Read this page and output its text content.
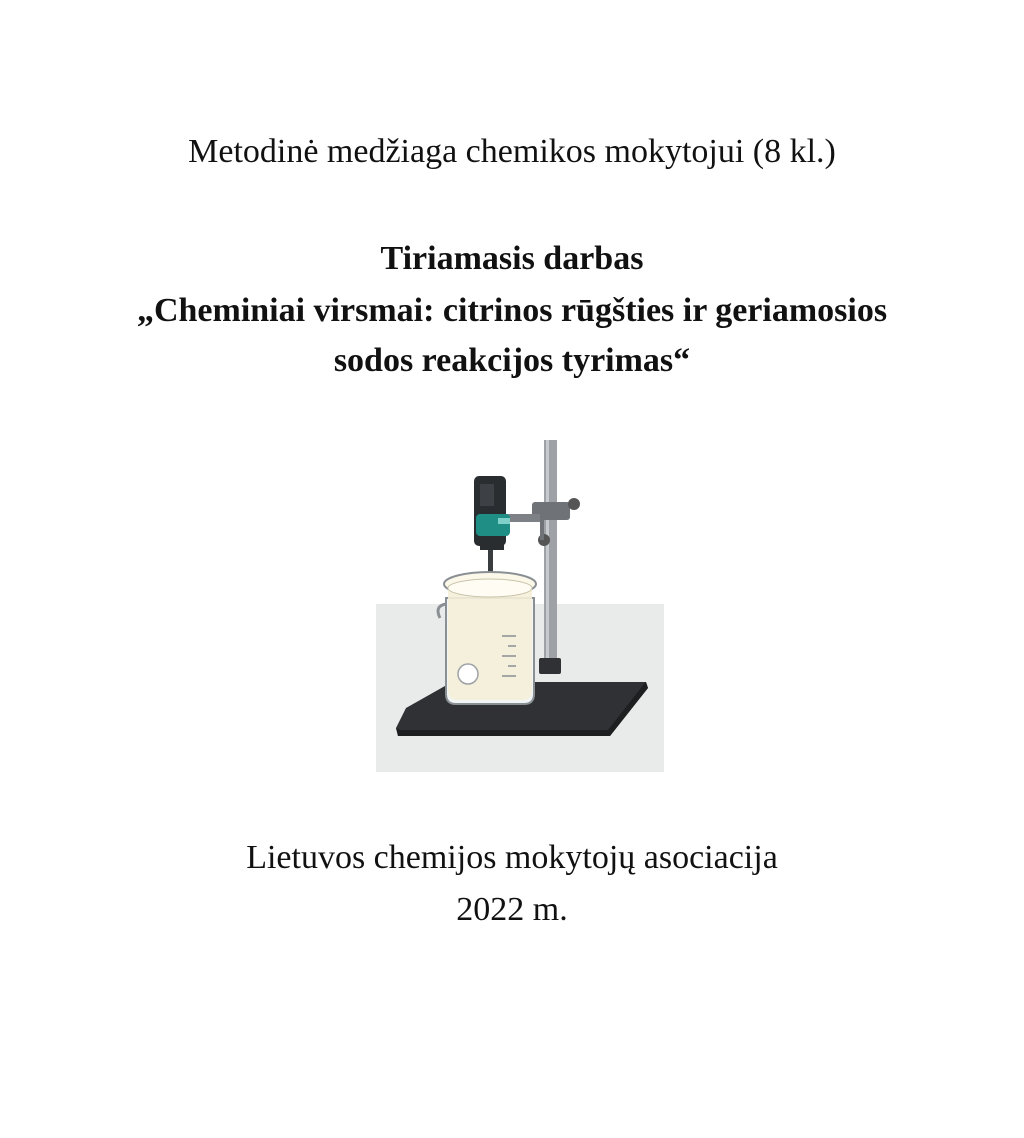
Metodinė medžiaga chemikos mokytojui (8 kl.)
Tiriamasis darbas
„Cheminiai virsmai: citrinos rūgšties ir geriamosios
sodos reakcijos tyrimas“
Lietuvos chemijos mokytojų asociacija
2022 m.
